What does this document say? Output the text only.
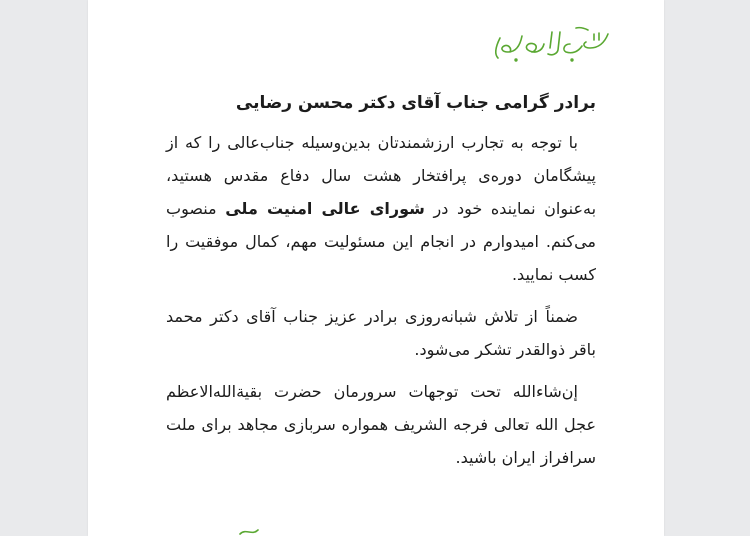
برادر گرامی جناب آقای دکتر محسن رضایی

با توجه به تجارب ارزشمندتان بدین‌وسیله جناب‌عالی را که از پیشگامان دوره‌ی پرافتخار هشت سال دفاع مقدس هستید، به‌عنوان نماینده خود در شورای عالی امنیت ملی منصوب می‌کنم. امیدوارم در انجام این مسئولیت مهم، کمال موفقیت را کسب نمایید.

ضمناً از تلاش شبانه‌روزی برادر عزیز جناب آقای دکتر محمد باقر ذوالقدر تشکر می‌شود.

إن‌شاءالله تحت توجهات سرورمان حضرت بقیة‌الله‌الاعظم عجل الله تعالی فرجه الشریف همواره سربازی مجاهد برای ملت سرافراز ایران باشید.
